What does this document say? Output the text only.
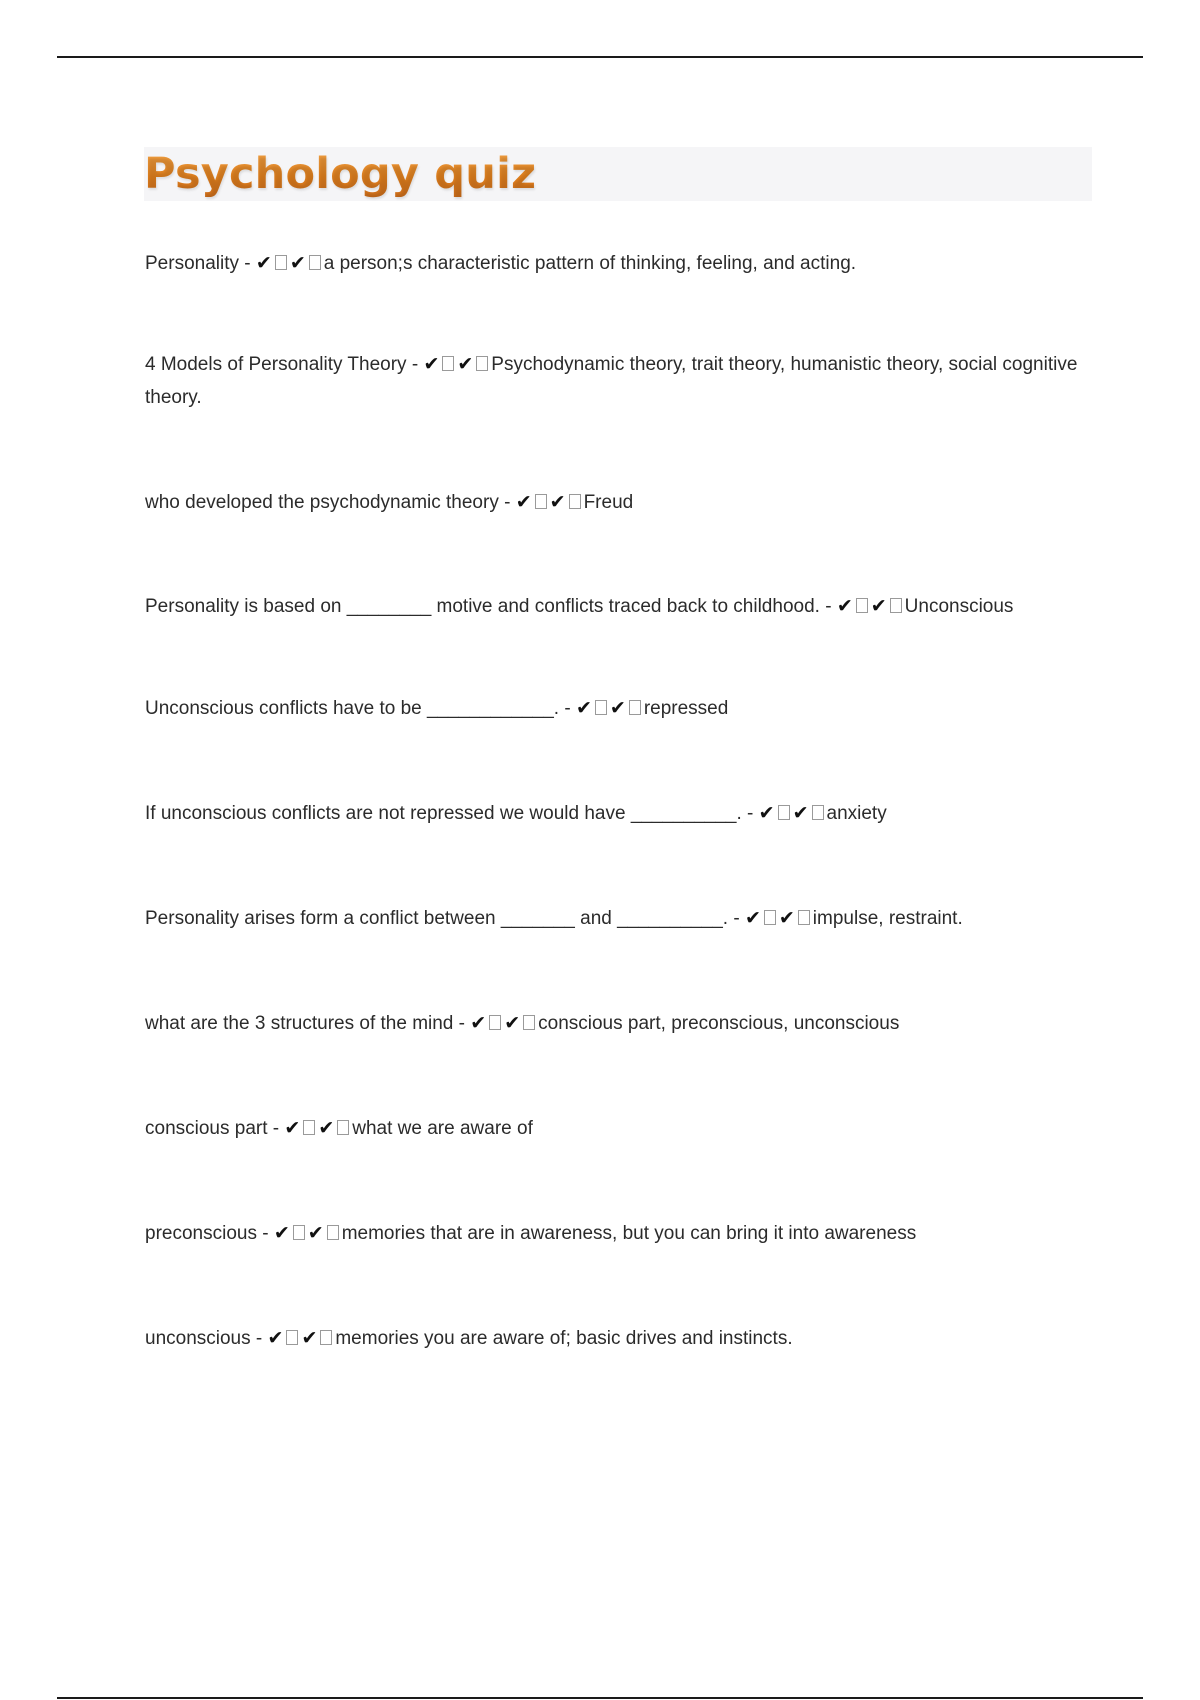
Psychology quiz
Personality - ✔ ✔ a person;s characteristic pattern of thinking, feeling, and acting.
4 Models of Personality Theory - ✔ ✔ Psychodynamic theory, trait theory, humanistic theory, social cognitive theory.
who developed the psychodynamic theory - ✔ ✔ Freud
Personality is based on ________ motive and conflicts traced back to childhood. - ✔ ✔ Unconscious
Unconscious conflicts have to be ____________. - ✔ ✔ repressed
If unconscious conflicts are not repressed we would have __________. - ✔ ✔ anxiety
Personality arises form a conflict between _______ and __________. - ✔ ✔ impulse, restraint.
what are the 3 structures of the mind - ✔ ✔ conscious part, preconscious, unconscious
conscious part - ✔ ✔ what we are aware of
preconscious - ✔ ✔ memories that are in awareness, but you can bring it into awareness
unconscious - ✔ ✔ memories you are aware of; basic drives and instincts.
